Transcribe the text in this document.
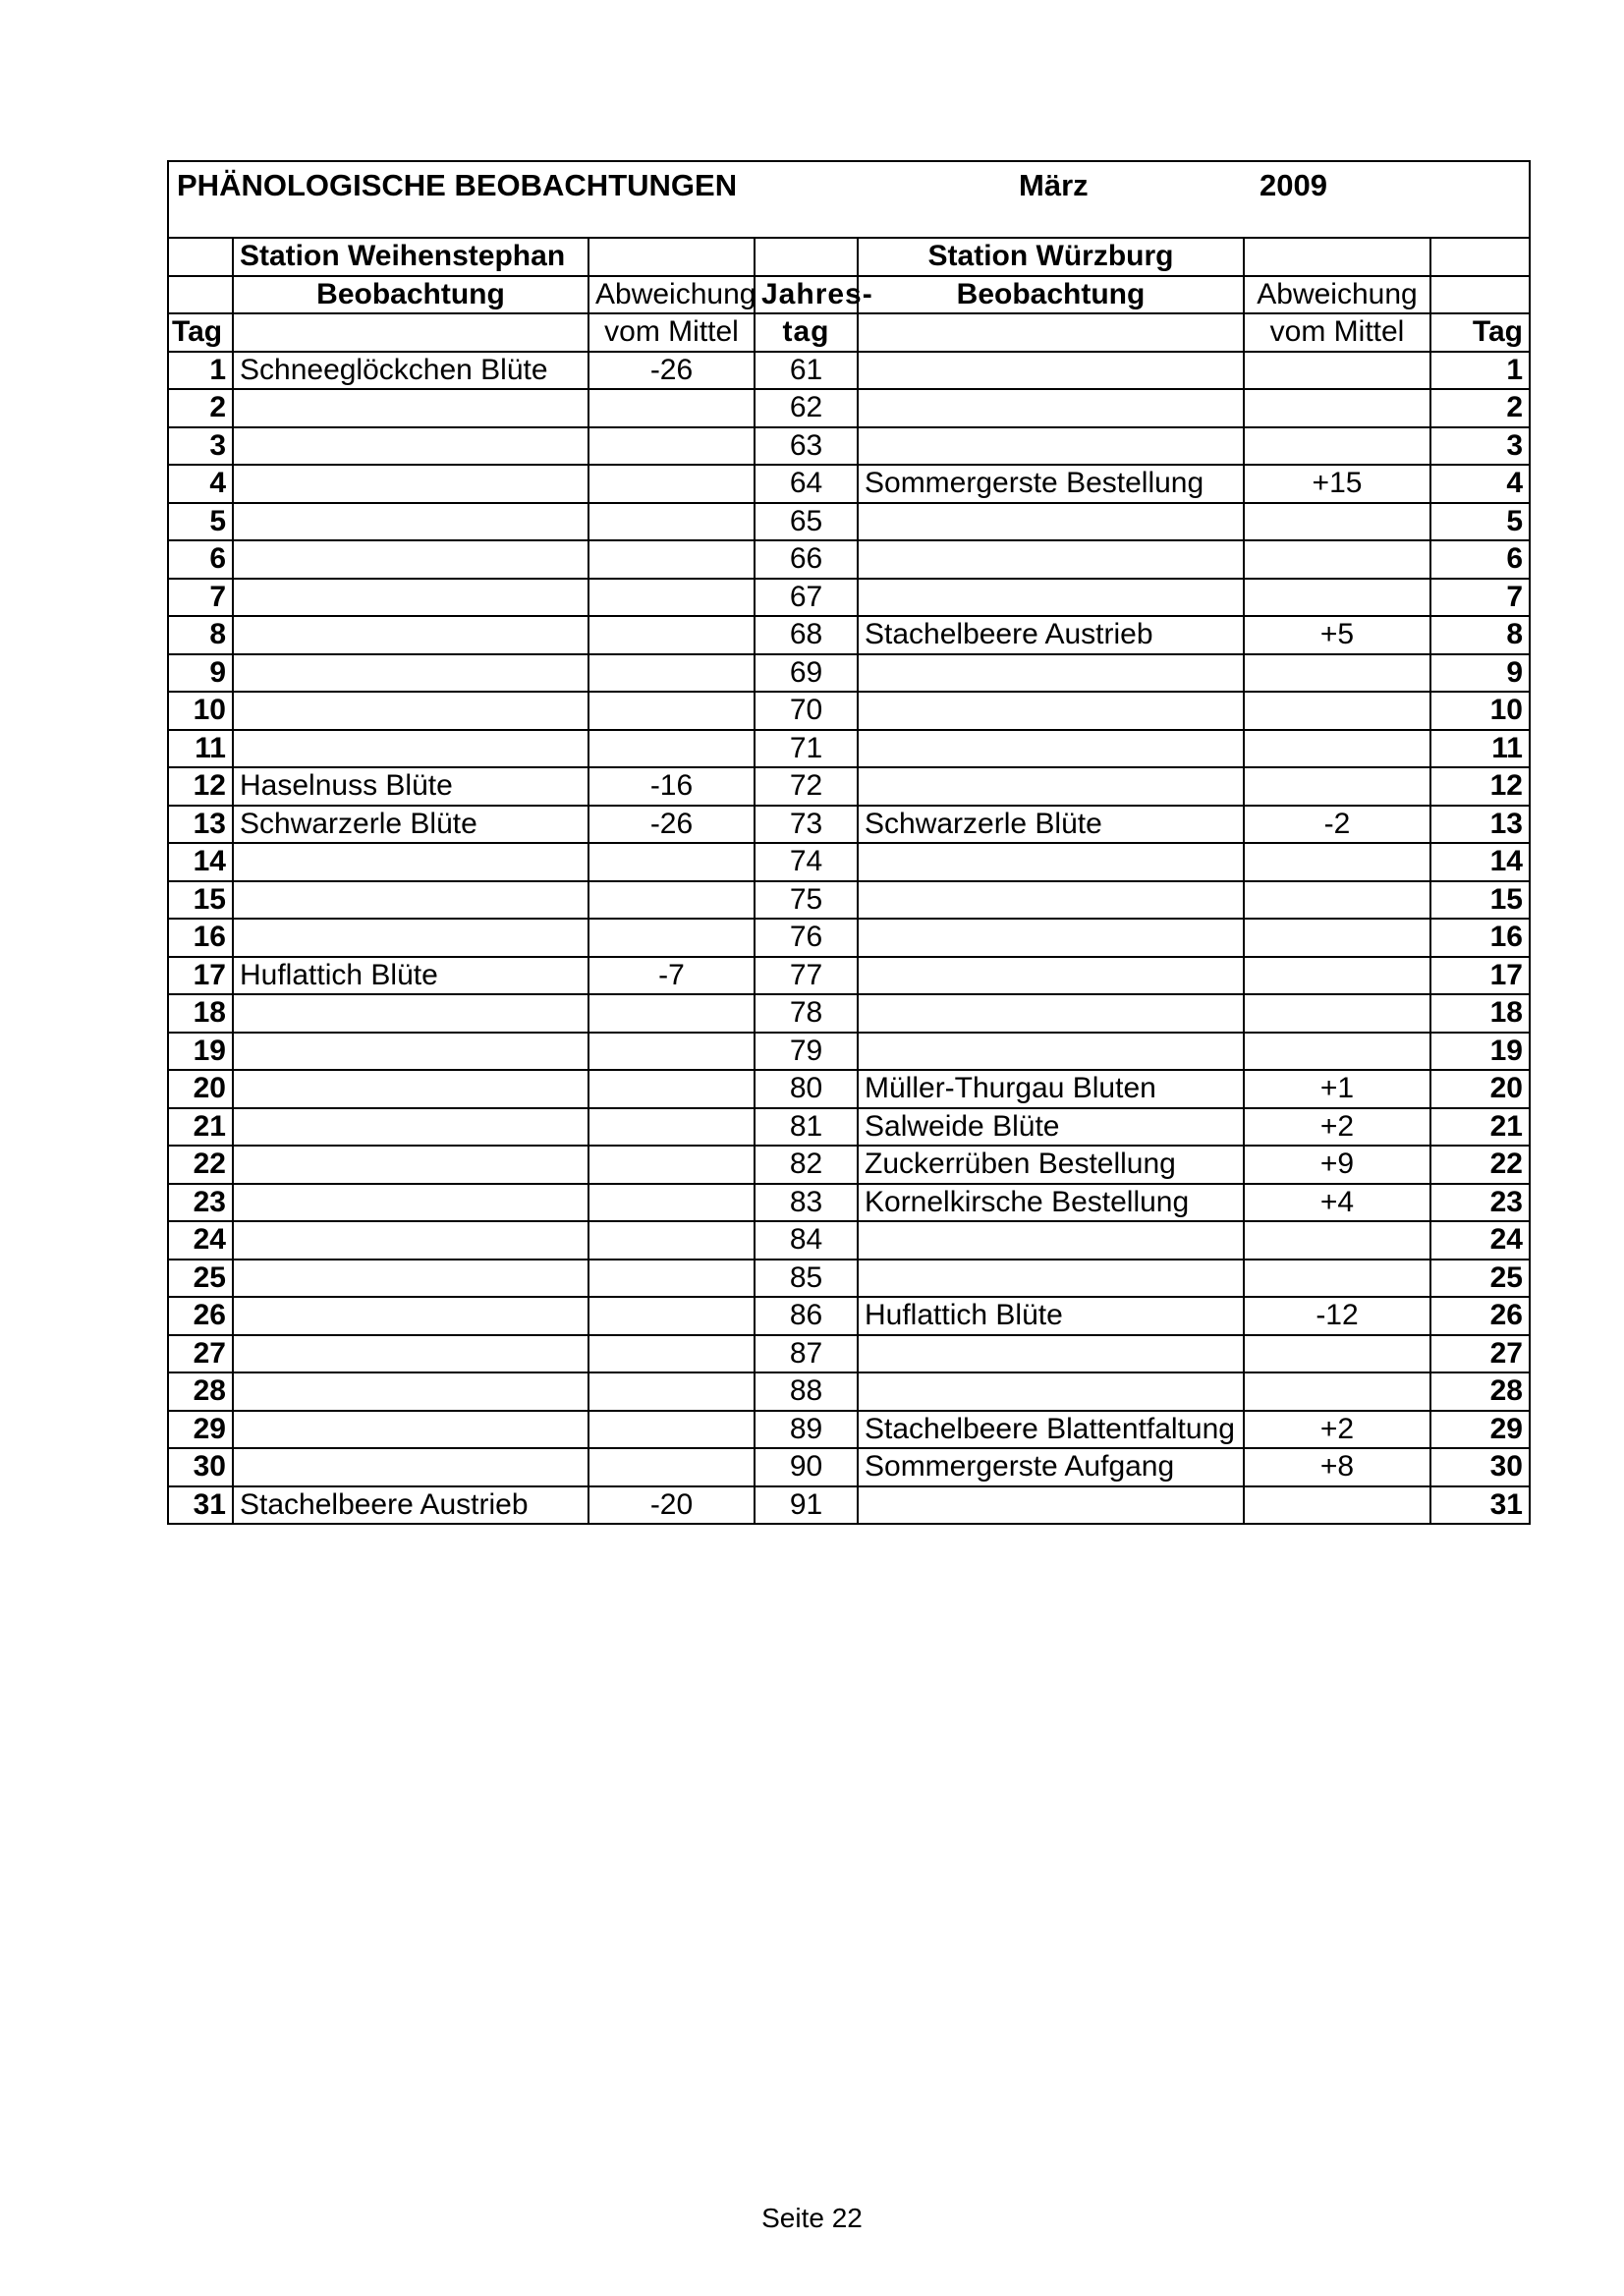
PHÄNOLOGISCHE BEOBACHTUNGEN März 2009						

	Station Weihenstephan			Station Würzburg		
	Beobachtung	Abweichung	Jahres-	Beobachtung	Abweichung	
Tag		vom Mittel	tag		vom Mittel	Tag
1	Schneeglöckchen Blüte	-26	61			1
2			62			2
3			63			3
4			64	Sommergerste Bestellung	+15	4
5			65			5
6			66			6
7			67			7
8			68	Stachelbeere Austrieb	+5	8
9			69			9
10			70			10
11			71			11
12	Haselnuss Blüte	-16	72			12
13	Schwarzerle Blüte	-26	73	Schwarzerle Blüte	-2	13
14			74			14
15			75			15
16			76			16
17	Huflattich Blüte	-7	77			17
18			78			18
19			79			19
20			80	Müller-Thurgau Bluten	+1	20
21			81	Salweide Blüte	+2	21
22			82	Zuckerrüben Bestellung	+9	22
23			83	Kornelkirsche Bestellung	+4	23
24			84			24
25			85			25
26			86	Huflattich Blüte	-12	26
27			87			27
28			88			28
29			89	Stachelbeere Blattentfaltung	+2	29
30			90	Sommergerste Aufgang	+8	30
31	Stachelbeere Austrieb	-20	91			31
Seite 22
